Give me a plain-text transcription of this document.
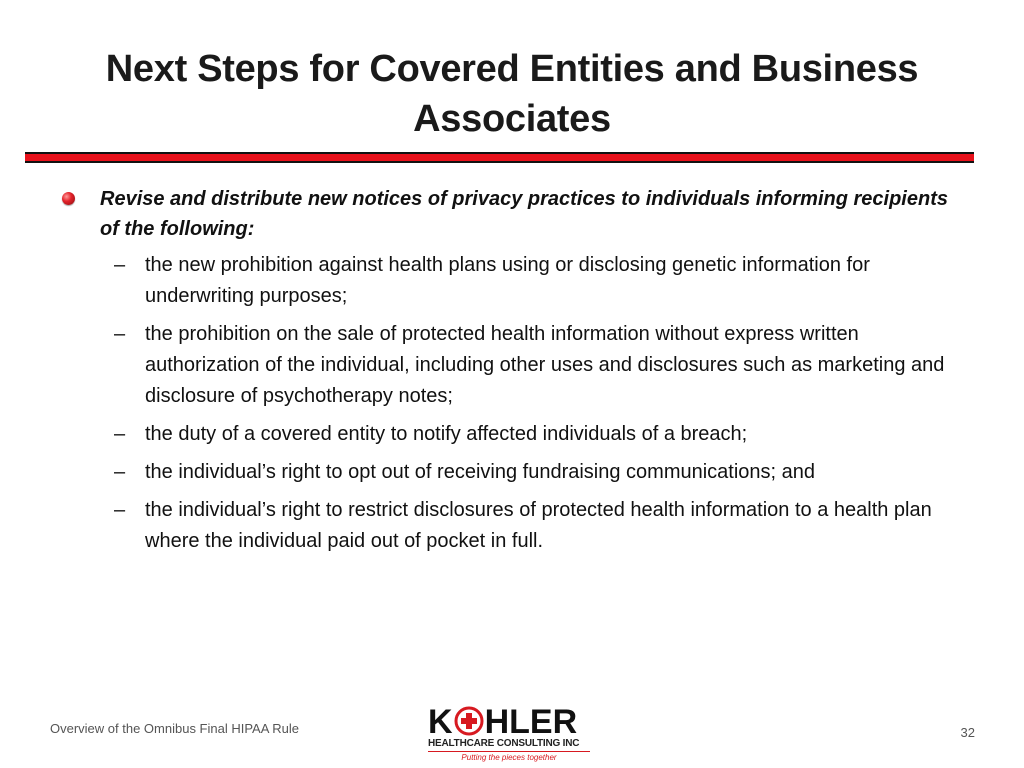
Next Steps for Covered Entities and Business Associates
Revise and distribute new notices of privacy practices to individuals informing recipients of the following:
– the new prohibition against health plans using or disclosing genetic information for underwriting purposes;
– the prohibition on the sale of protected health information without express written authorization of the individual, including other uses and disclosures such as marketing and disclosure of psychotherapy notes;
– the duty of a covered entity to notify affected individuals of a breach;
– the individual’s right to opt out of receiving fundraising communications; and
– the individual’s right to restrict disclosures of protected health information to a health plan where the individual paid out of pocket in full.
Overview of the Omnibus Final HIPAA Rule	K HLER
HEALTHCARE CONSULTING INC
Putting the pieces together
32
